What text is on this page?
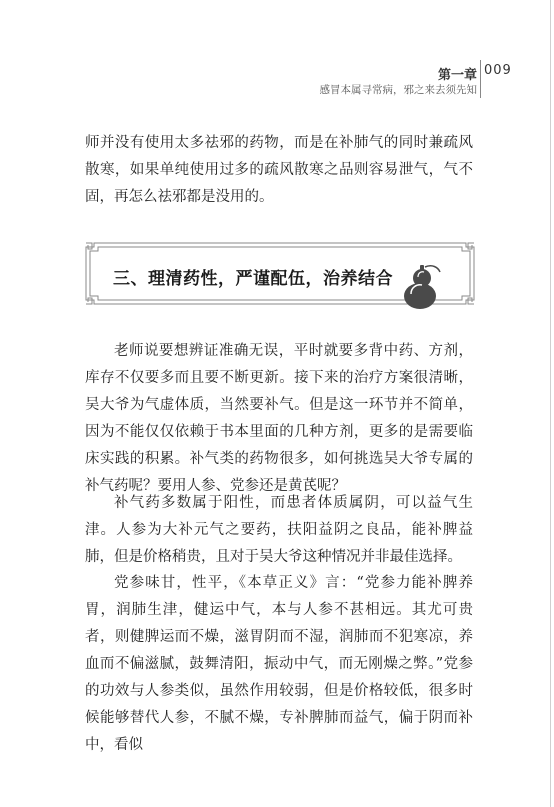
第一章 009
感冒本属寻常病，邪之来去须先知
师并没有使用太多祛邪的药物，而是在补肺气的同时兼疏风散寒，如果单纯使用过多的疏风散寒之品则容易泄气，气不固，再怎么祛邪都是没用的。
三、理清药性，严谨配伍，治养结合
老师说要想辨证准确无误，平时就要多背中药、方剂，库存不仅要多而且要不断更新。接下来的治疗方案很清晰，吴大爷为气虚体质，当然要补气。但是这一环节并不简单，因为不能仅仅依赖于书本里面的几种方剂，更多的是需要临床实践的积累。补气类的药物很多，如何挑选吴大爷专属的补气药呢？要用人参、党参还是黄芪呢？
补气药多数属于阳性，而患者体质属阴，可以益气生津。人参为大补元气之要药，扶阳益阴之良品，能补脾益肺，但是价格稍贵，且对于吴大爷这种情况并非最佳选择。
党参味甘，性平，《本草正义》言：“党参力能补脾养胃，润肺生津，健运中气，本与人参不甚相远。其尤可贵者，则健脾运而不燥，滋胃阴而不湿，润肺而不犯寒凉，养血而不偏滋腻，鼓舞清阳，振动中气，而无刚燥之弊。”党参的功效与人参类似，虽然作用较弱，但是价格较低，很多时候能够替代人参，不腻不燥，专补脾肺而益气，偏于阴而补中，看似
